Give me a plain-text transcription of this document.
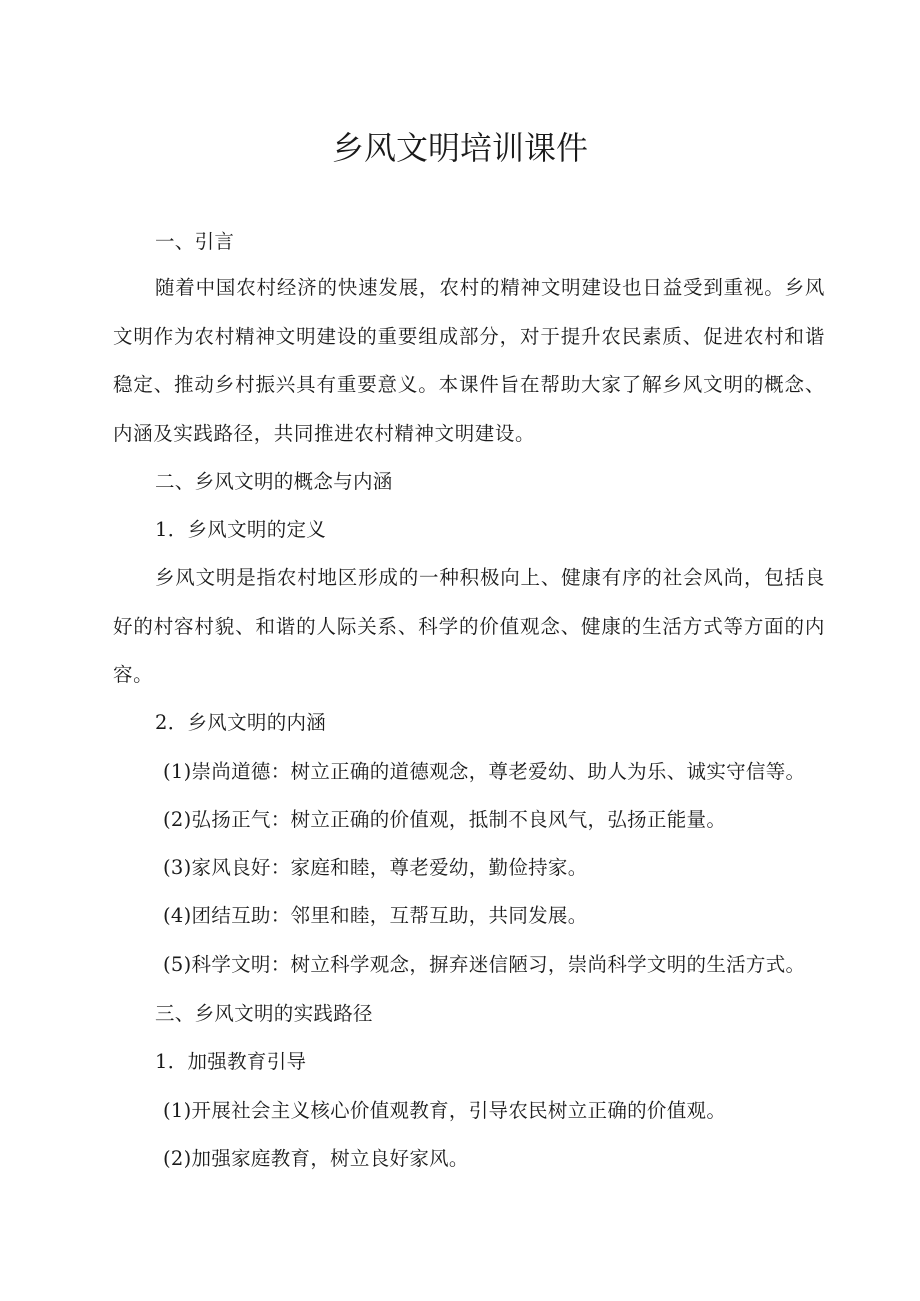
乡风文明培训课件

一、引言

随着中国农村经济的快速发展，农村的精神文明建设也日益受到重视。乡风文明作为农村精神文明建设的重要组成部分，对于提升农民素质、促进农村和谐稳定、推动乡村振兴具有重要意义。本课件旨在帮助大家了解乡风文明的概念、内涵及实践路径，共同推进农村精神文明建设。

二、乡风文明的概念与内涵

1．乡风文明的定义

乡风文明是指农村地区形成的一种积极向上、健康有序的社会风尚，包括良好的村容村貌、和谐的人际关系、科学的价值观念、健康的生活方式等方面的内容。

2．乡风文明的内涵

(1)崇尚道德：树立正确的道德观念，尊老爱幼、助人为乐、诚实守信等。

(2)弘扬正气：树立正确的价值观，抵制不良风气，弘扬正能量。

(3)家风良好：家庭和睦，尊老爱幼，勤俭持家。

(4)团结互助：邻里和睦，互帮互助，共同发展。

(5)科学文明：树立科学观念，摒弃迷信陋习，崇尚科学文明的生活方式。

三、乡风文明的实践路径

1．加强教育引导

(1)开展社会主义核心价值观教育，引导农民树立正确的价值观。

(2)加强家庭教育，树立良好家风。
